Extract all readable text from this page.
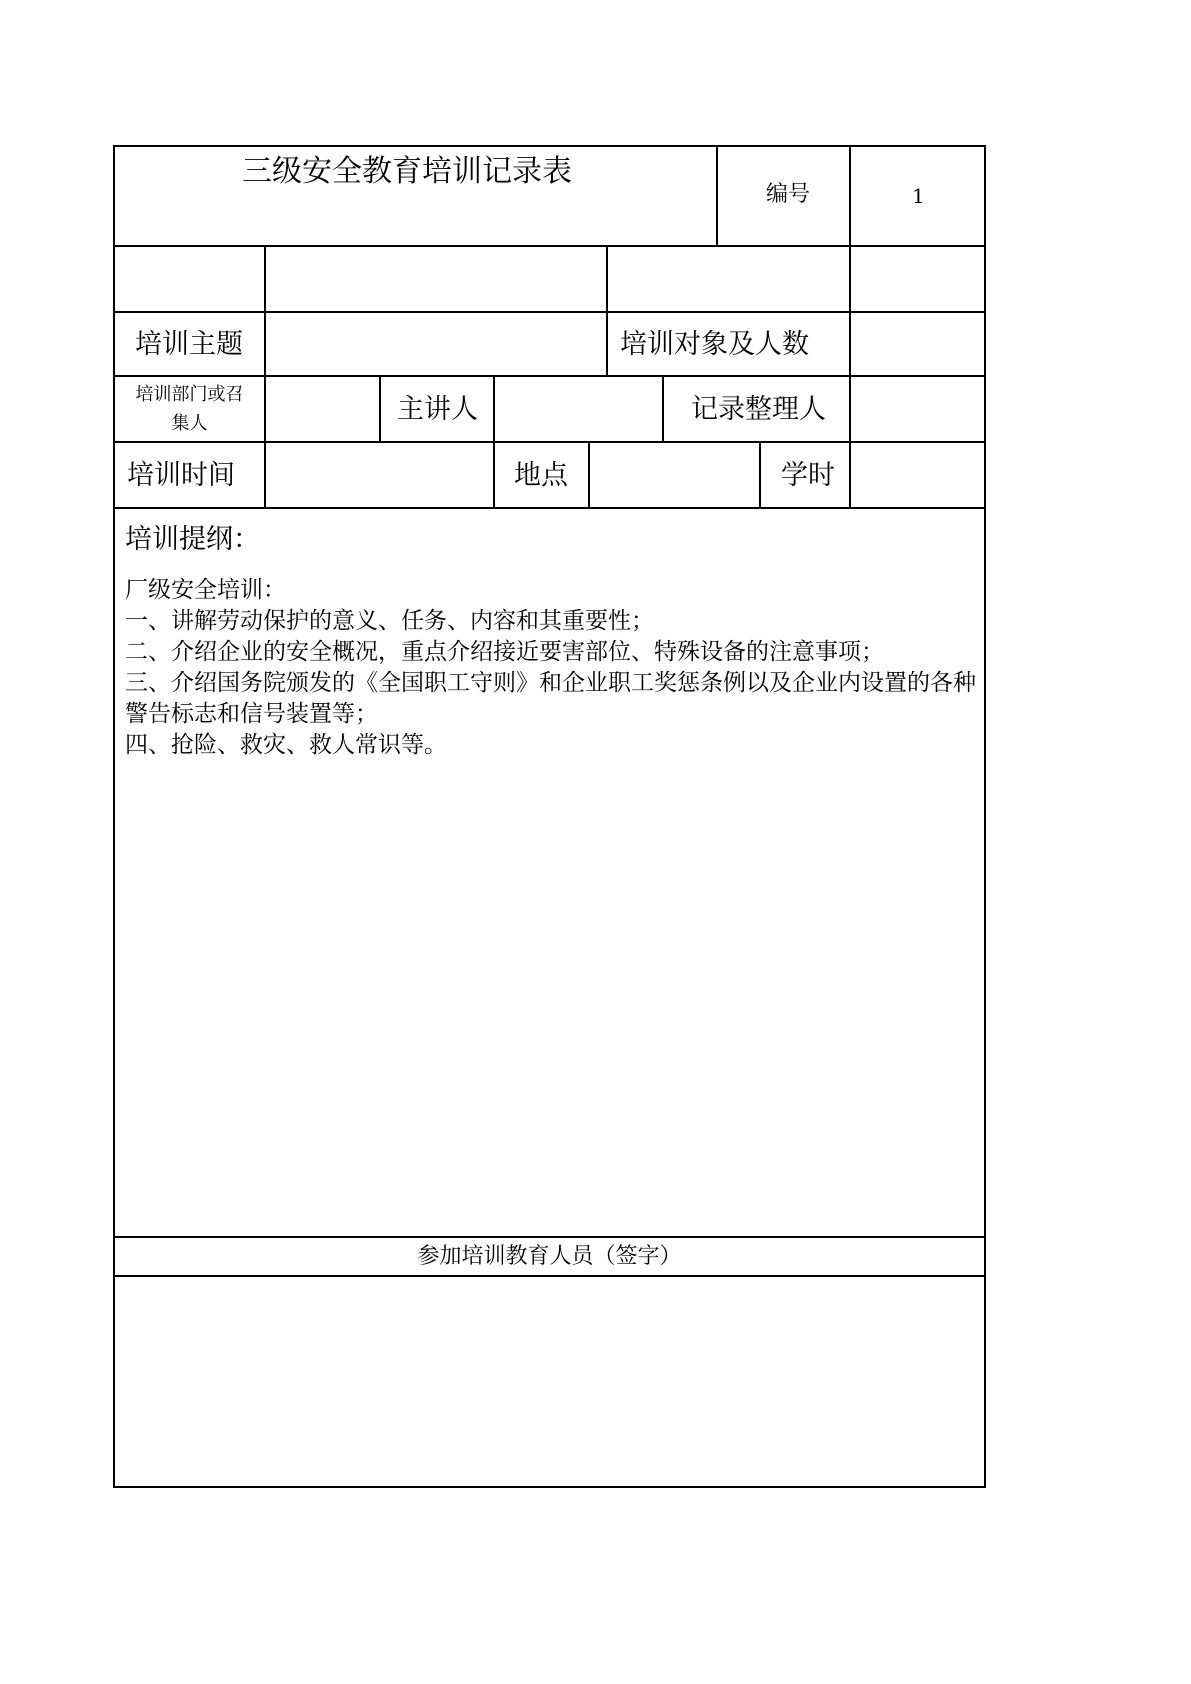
三级安全教育培训记录表
编号	1
培训主题	培训对象及人数
培训部门或召
集人	主讲人	记录整理人
培训时间	地点	学时
培训提纲：
厂级安全培训：
一、讲解劳动保护的意义、任务、内容和其重要性；
二、介绍企业的安全概况，重点介绍接近要害部位、特殊设备的注意事项；
三、介绍国务院颁发的《全国职工守则》和企业职工奖惩条例以及企业内设置的各种警告标志和信号装置等；
四、抢险、救灾、救人常识等。
参加培训教育人员（签字）
